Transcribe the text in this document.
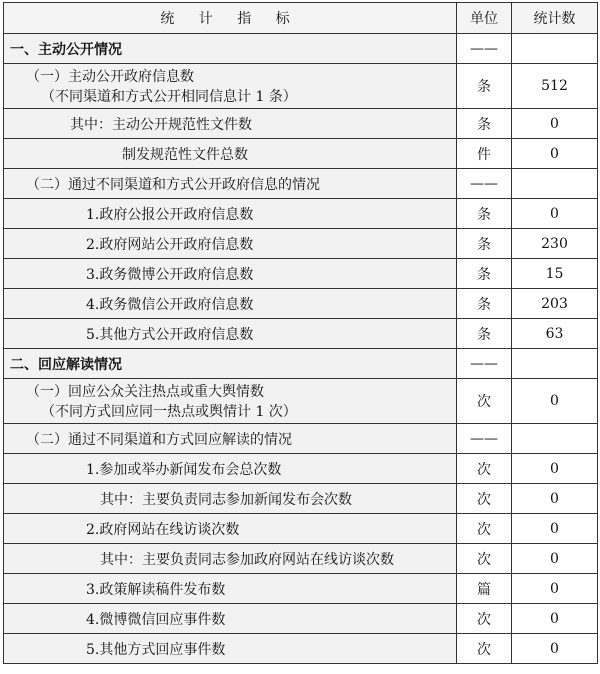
统 计 指 标	单位	统计数
一、主动公开情况	——	
（一）主动公开政府信息数
（不同渠道和方式公开相同信息计 1 条）	条	512
其中：主动公开规范性文件数	条	0
制发规范性文件总数	件	0
（二）通过不同渠道和方式公开政府信息的情况	——	
1.政府公报公开政府信息数	条	0
2.政府网站公开政府信息数	条	230
3.政务微博公开政府信息数	条	15
4.政务微信公开政府信息数	条	203
5.其他方式公开政府信息数	条	63
二、回应解读情况	——	
（一）回应公众关注热点或重大舆情数
（不同方式回应同一热点或舆情计 1 次）	次	0
（二）通过不同渠道和方式回应解读的情况	——	
1.参加或举办新闻发布会总次数	次	0
其中：主要负责同志参加新闻发布会次数	次	0
2.政府网站在线访谈次数	次	0
其中：主要负责同志参加政府网站在线访谈次数	次	0
3.政策解读稿件发布数	篇	0
4.微博微信回应事件数	次	0
5.其他方式回应事件数	次	0
